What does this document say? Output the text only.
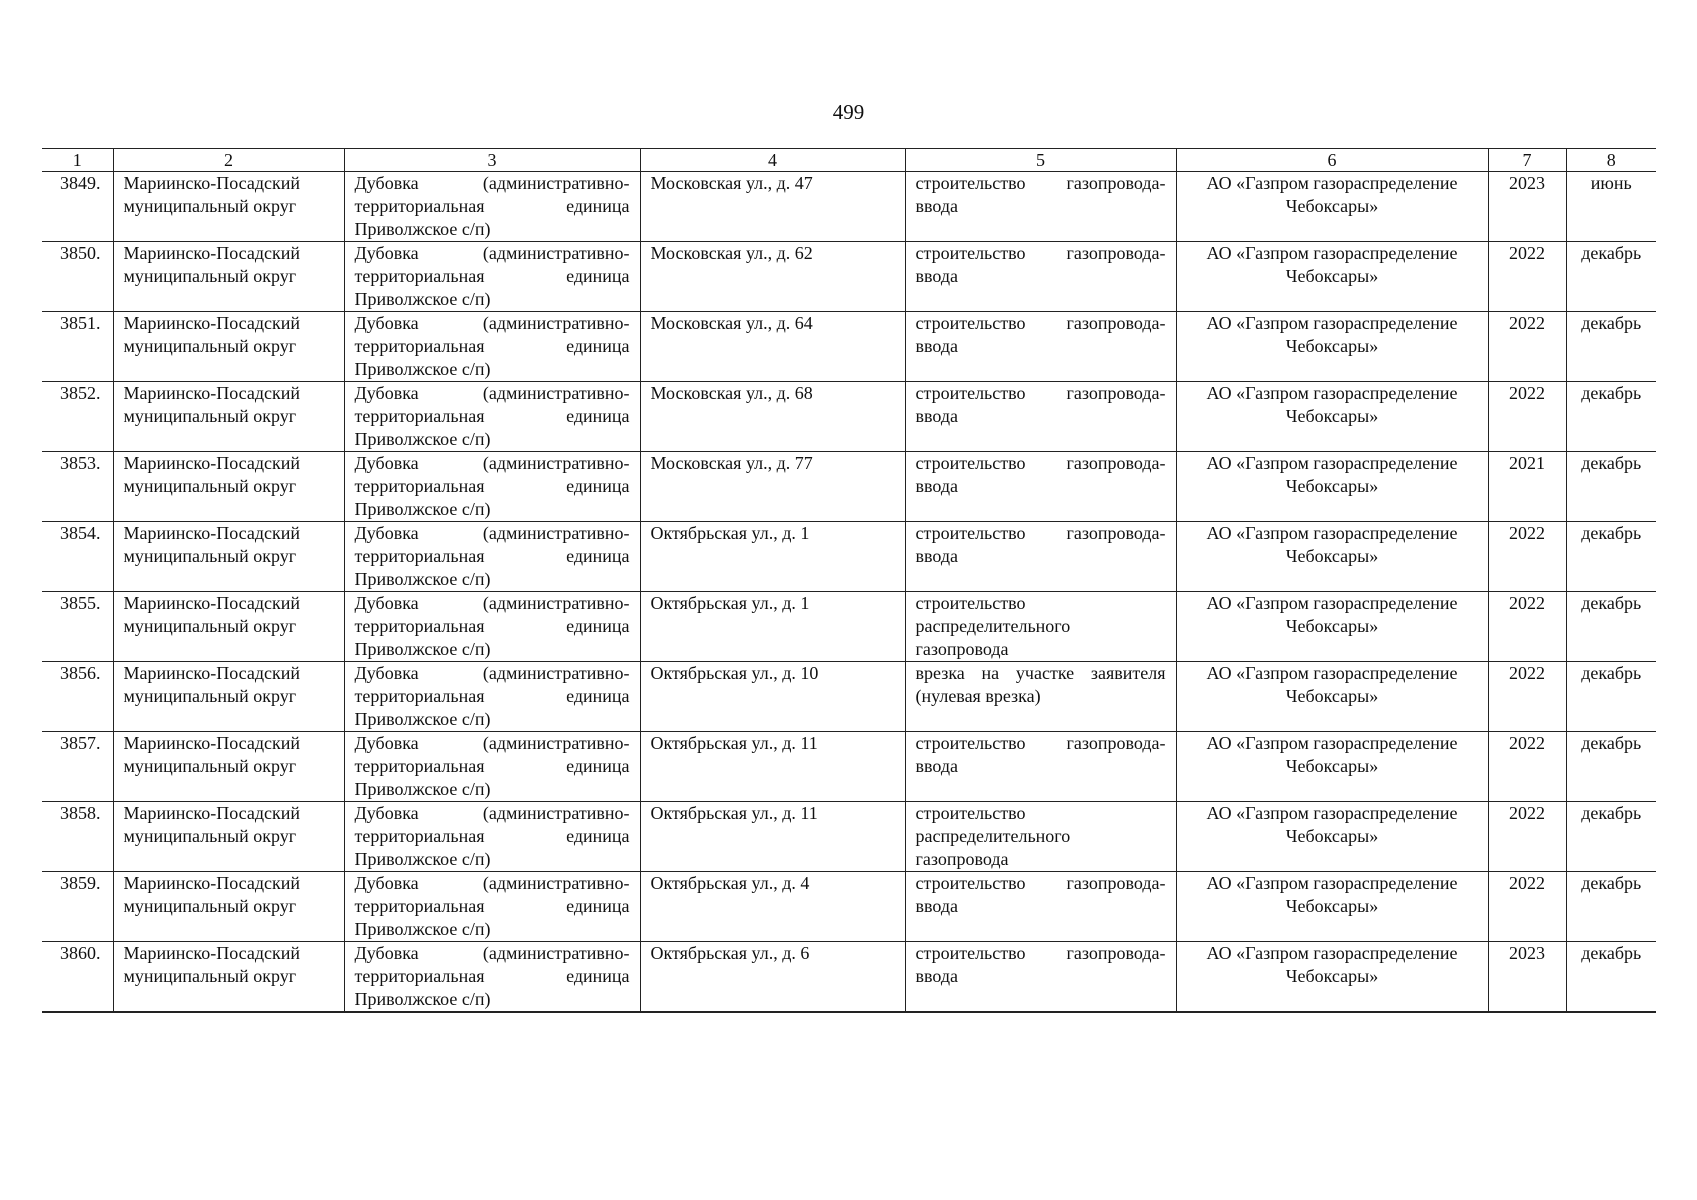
499
1	2	3	4	5	6	7	8
3849.	Мариинско-Посадский муниципальный округ	Дубовка (административно-территориальная единица Приволжское с/п)	Московская ул., д. 47	строительство газопровода-ввода	АО «Газпром газораспределение Чебоксары»	2023	июнь
3850.	Мариинско-Посадский муниципальный округ	Дубовка (административно-территориальная единица Приволжское с/п)	Московская ул., д. 62	строительство газопровода-ввода	АО «Газпром газораспределение Чебоксары»	2022	декабрь
3851.	Мариинско-Посадский муниципальный округ	Дубовка (административно-территориальная единица Приволжское с/п)	Московская ул., д. 64	строительство газопровода-ввода	АО «Газпром газораспределение Чебоксары»	2022	декабрь
3852.	Мариинско-Посадский муниципальный округ	Дубовка (административно-территориальная единица Приволжское с/п)	Московская ул., д. 68	строительство газопровода-ввода	АО «Газпром газораспределение Чебоксары»	2022	декабрь
3853.	Мариинско-Посадский муниципальный округ	Дубовка (административно-территориальная единица Приволжское с/п)	Московская ул., д. 77	строительство газопровода-ввода	АО «Газпром газораспределение Чебоксары»	2021	декабрь
3854.	Мариинско-Посадский муниципальный округ	Дубовка (административно-территориальная единица Приволжское с/п)	Октябрьская ул., д. 1	строительство газопровода-ввода	АО «Газпром газораспределение Чебоксары»	2022	декабрь
3855.	Мариинско-Посадский муниципальный округ	Дубовка (административно-территориальная единица Приволжское с/п)	Октябрьская ул., д. 1	строительство распределительного газопровода	АО «Газпром газораспределение Чебоксары»	2022	декабрь
3856.	Мариинско-Посадский муниципальный округ	Дубовка (административно-территориальная единица Приволжское с/п)	Октябрьская ул., д. 10	врезка на участке заявителя (нулевая врезка)	АО «Газпром газораспределение Чебоксары»	2022	декабрь
3857.	Мариинско-Посадский муниципальный округ	Дубовка (административно-территориальная единица Приволжское с/п)	Октябрьская ул., д. 11	строительство газопровода-ввода	АО «Газпром газораспределение Чебоксары»	2022	декабрь
3858.	Мариинско-Посадский муниципальный округ	Дубовка (административно-территориальная единица Приволжское с/п)	Октябрьская ул., д. 11	строительство распределительного газопровода	АО «Газпром газораспределение Чебоксары»	2022	декабрь
3859.	Мариинско-Посадский муниципальный округ	Дубовка (административно-территориальная единица Приволжское с/п)	Октябрьская ул., д. 4	строительство газопровода-ввода	АО «Газпром газораспределение Чебоксары»	2022	декабрь
3860.	Мариинско-Посадский муниципальный округ	Дубовка (административно-территориальная единица Приволжское с/п)	Октябрьская ул., д. 6	строительство газопровода-ввода	АО «Газпром газораспределение Чебоксары»	2023	декабрь
